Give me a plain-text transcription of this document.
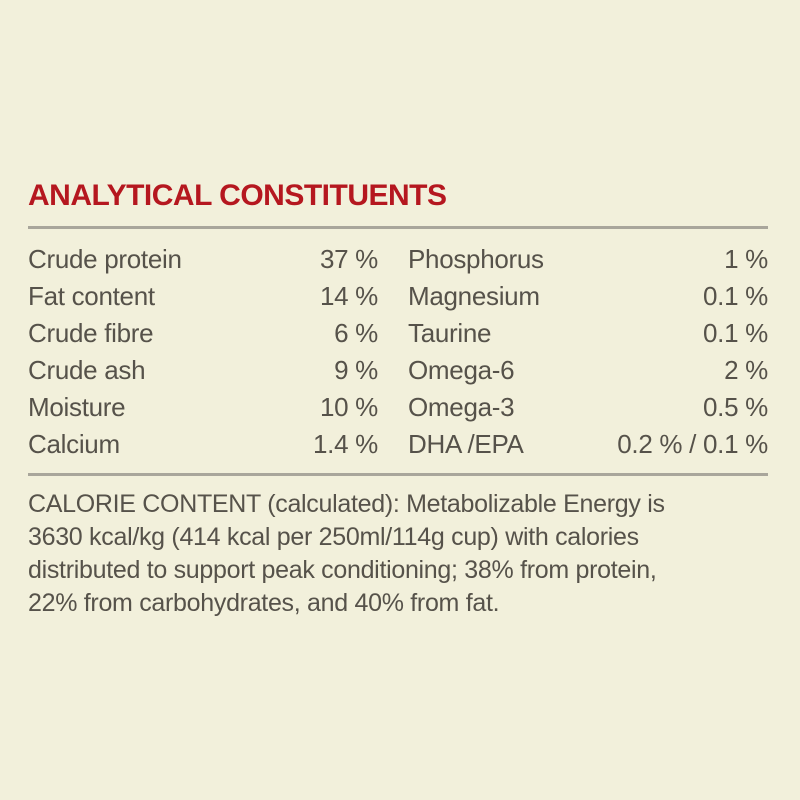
ANALYTICAL CONSTITUENTS
Crude protein	37 %
Fat content	14 %
Crude fibre	6 %
Crude ash	9 %
Moisture	10 %
Calcium	1.4 %
Phosphorus	1 %
Magnesium	0.1 %
Taurine	0.1 %
Omega-6	2 %
Omega-3	0.5 %
DHA /EPA	0.2 % / 0.1 %
CALORIE CONTENT (calculated): Metabolizable Energy is
3630 kcal/kg (414 kcal per 250ml/114g cup) with calories
distributed to support peak conditioning; 38% from protein,
22% from carbohydrates, and 40% from fat.
